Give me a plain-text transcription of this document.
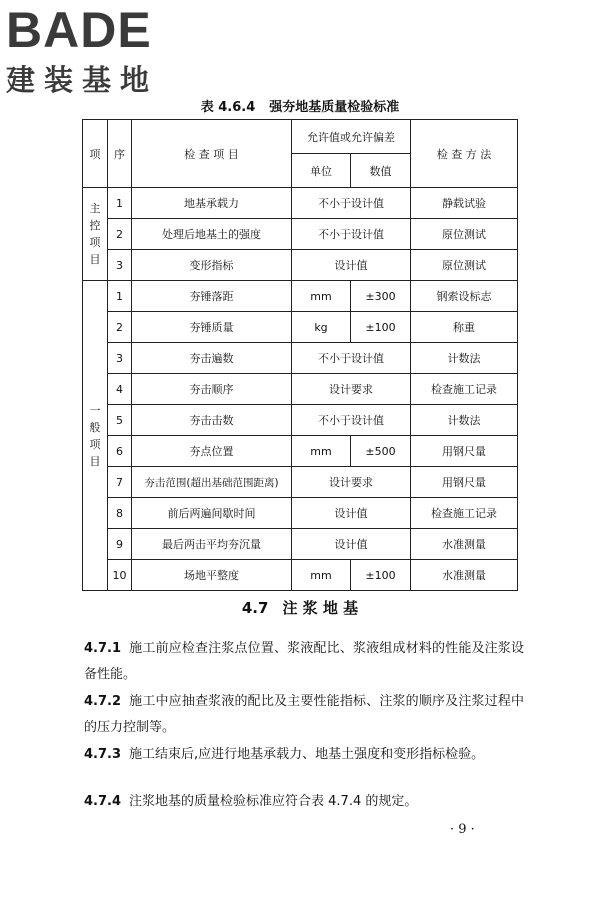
BADE
建装基地
表 4.6.4 强夯地基质量检验标准
项	序	检 查 项 目	允许值或允许偏差		检 查 方 法
			单位	数值	
主控项目	1	地基承载力	不小于设计值		静载试验
	2	处理后地基土的强度	不小于设计值		原位测试
	3	变形指标	设计值		原位测试
一般项目	1	夯锤落距	mm	±300	钢索设标志
	2	夯锤质量	kg	±100	称重
	3	夯击遍数	不小于设计值		计数法
	4	夯击顺序	设计要求		检查施工记录
	5	夯击击数	不小于设计值		计数法
	6	夯点位置	mm	±500	用钢尺量
	7	夯击范围(超出基础范围距离)	设计要求		用钢尺量
	8	前后两遍间歇时间	设计值		检查施工记录
	9	最后两击平均夯沉量	设计值		水准测量
	10	场地平整度	mm	±100	水准测量
4.7 注 浆 地 基
4.7.1 施工前应检查注浆点位置、浆液配比、浆液组成材料的性能及注浆设备性能。
4.7.2 施工中应抽查浆液的配比及主要性能指标、注浆的顺序及注浆过程中的压力控制等。
4.7.3 施工结束后,应进行地基承载力、地基土强度和变形指标检验。
4.7.4 注浆地基的质量检验标准应符合表 4.7.4 的规定。
· 9 ·
